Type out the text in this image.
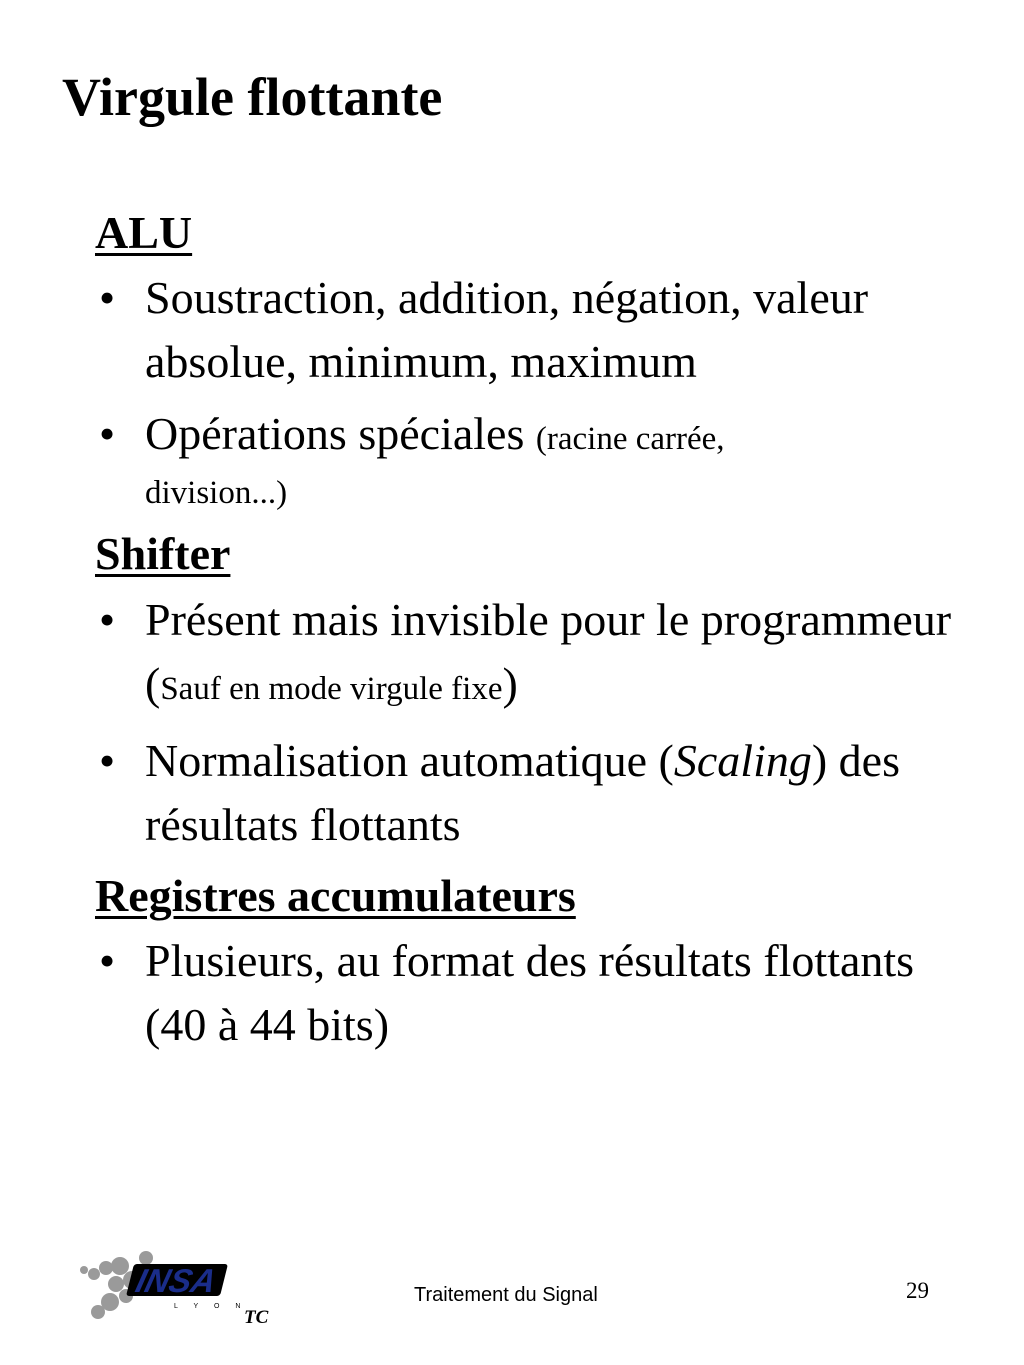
Virgule flottante
ALU
• Soustraction, addition, négation, valeur absolue, minimum, maximum
• Opérations spéciales (racine carrée,
division...)
Shifter
• Présent mais invisible pour le programmeur (Sauf en mode virgule fixe)
• Normalisation automatique (Scaling) des résultats flottants
Registres accumulateurs
• Plusieurs, au format des résultats flottants (40 à 44 bits)
INSA
L Y O N
TC
Traitement du Signal	29
